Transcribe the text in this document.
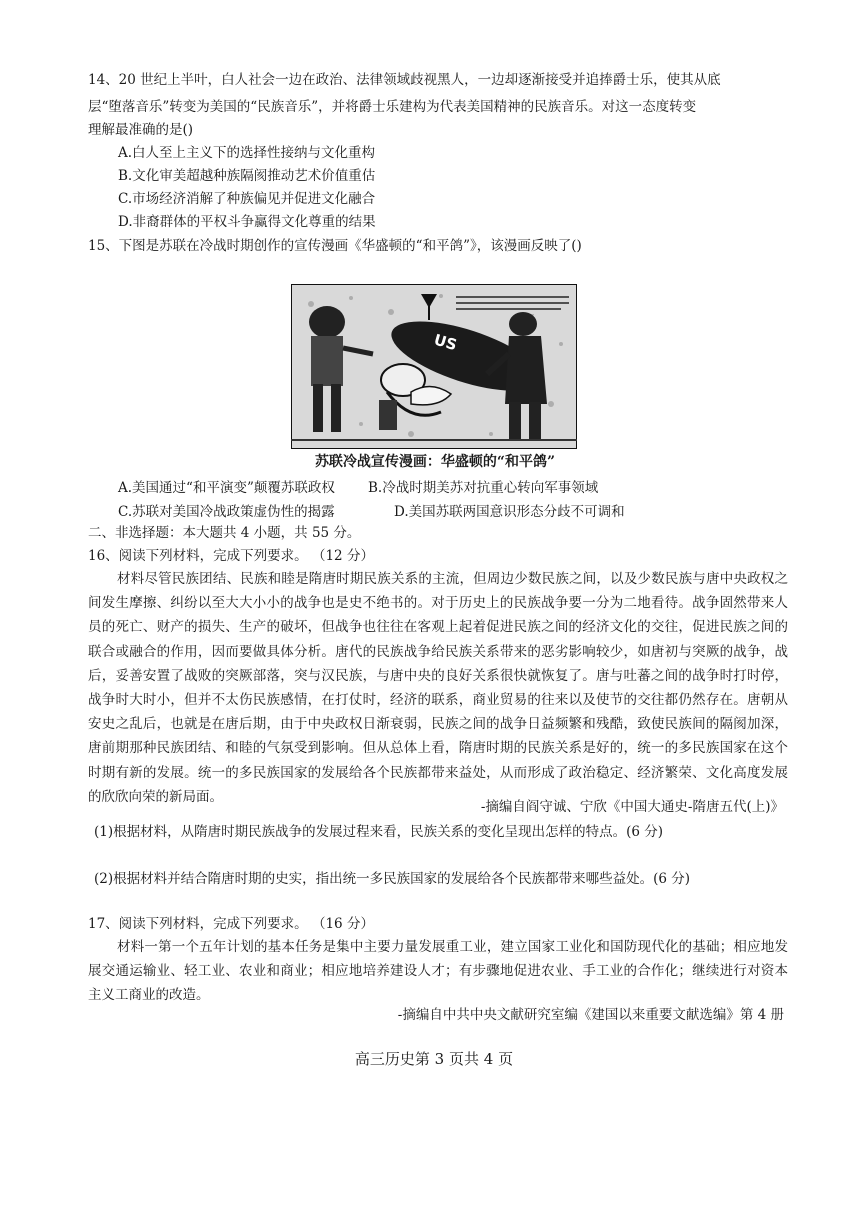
14、20 世纪上半叶，白人社会一边在政治、法律领域歧视黑人，一边却逐渐接受并追捧爵士乐，使其从底
层“堕落音乐”转变为美国的“民族音乐”，并将爵士乐建构为代表美国精神的民族音乐。对这一态度转变
理解最准确的是()
A.白人至上主义下的选择性接纳与文化重构
B.文化审美超越种族隔阂推动艺术价值重估
C.市场经济消解了种族偏见并促进文化融合
D.非裔群体的平权斗争赢得文化尊重的结果
15、下图是苏联在冷战时期创作的宣传漫画《华盛顿的“和平鸽”》，该漫画反映了()
US
苏联冷战宣传漫画：华盛顿的“和平鸽”
A.美国通过“和平演变”颠覆苏联政权 B.冷战时期美苏对抗重心转向军事领域
C.苏联对美国冷战政策虚伪性的揭露	D.美国苏联两国意识形态分歧不可调和
二、非选择题：本大题共 4 小题，共 55 分。
16、阅读下列材料，完成下列要求。 （12 分）
材料尽管民族团结、民族和睦是隋唐时期民族关系的主流，但周边少数民族之间，以及少数民族与唐中央政权之间发生摩擦、纠纷以至大大小小的战争也是史不绝书的。对于历史上的民族战争要一分为二地看待。战争固然带来人员的死亡、财产的损失、生产的破坏，但战争也往往在客观上起着促进民族之间的经济文化的交往，促进民族之间的联合或融合的作用，因而要做具体分析。唐代的民族战争给民族关系带来的恶劣影响较少，如唐初与突厥的战争，战后，妥善安置了战败的突厥部落，突与汉民族，与唐中央的良好关系很快就恢复了。唐与吐蕃之间的战争时打时停，战争时大时小，但并不太伤民族感情，在打仗时，经济的联系，商业贸易的往来以及使节的交往都仍然存在。唐朝从安史之乱后，也就是在唐后期，由于中央政权日渐衰弱，民族之间的战争日益频繁和残酷，致使民族间的隔阂加深，唐前期那种民族团结、和睦的气氛受到影响。但从总体上看，隋唐时期的民族关系是好的，统一的多民族国家在这个时期有新的发展。统一的多民族国家的发展给各个民族都带来益处，从而形成了政治稳定、经济繁荣、文化高度发展的欣欣向荣的新局面。
-摘编自阎守诚、宁欣《中国大通史-隋唐五代(上)》
(1)根据材料，从隋唐时期民族战争的发展过程来看，民族关系的变化呈现出怎样的特点。(6 分)
(2)根据材料并结合隋唐时期的史实，指出统一多民族国家的发展给各个民族都带来哪些益处。(6 分)
17、阅读下列材料，完成下列要求。 （16 分）
材料一第一个五年计划的基本任务是集中主要力量发展重工业，建立国家工业化和国防现代化的基础；相应地发展交通运输业、轻工业、农业和商业；相应地培养建设人才；有步骤地促进农业、手工业的合作化；继续进行对资本主义工商业的改造。
-摘编自中共中央文献研究室编《建国以来重要文献选编》第 4 册
高三历史第 3 页共 4 页
